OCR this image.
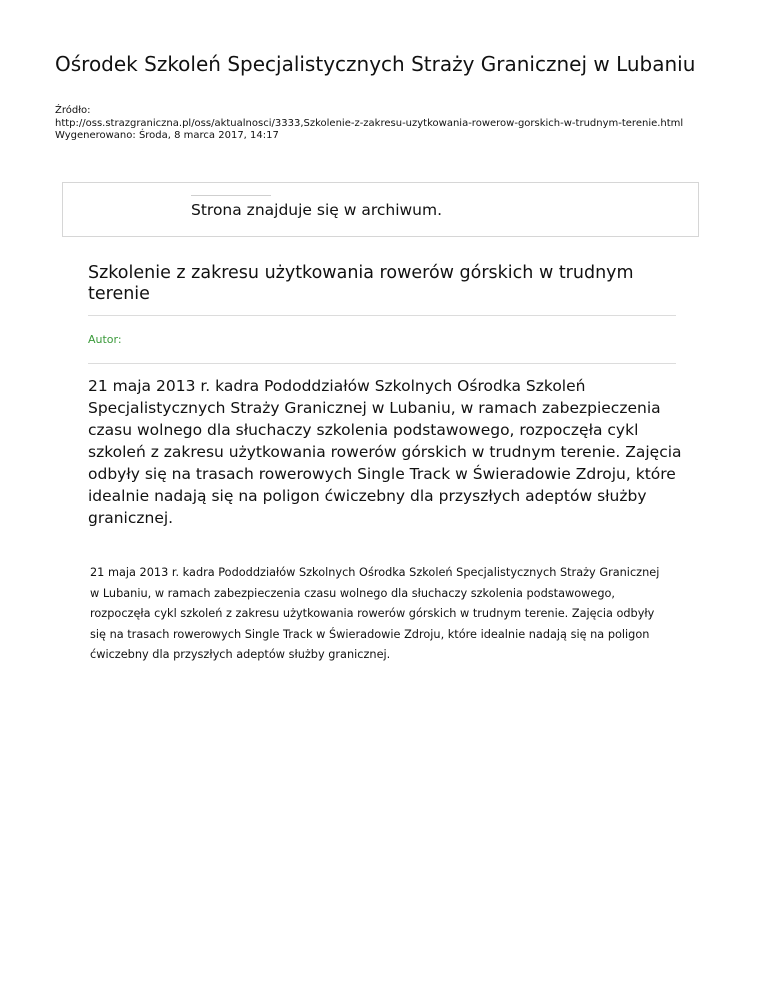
Ośrodek Szkoleń Specjalistycznych Straży Granicznej w Lubaniu
Źródło:
http://oss.strazgraniczna.pl/oss/aktualnosci/3333,Szkolenie-z-zakresu-uzytkowania-rowerow-gorskich-w-trudnym-terenie.html
Wygenerowano: Środa, 8 marca 2017, 14:17
Strona znajduje się w archiwum.
Szkolenie z zakresu użytkowania rowerów górskich w trudnym terenie
Autor:

21 maja 2013 r. kadra Pododdziałów Szkolnych Ośrodka Szkoleń Specjalistycznych Straży Granicznej w Lubaniu, w ramach zabezpieczenia czasu wolnego dla słuchaczy szkolenia podstawowego, rozpoczęła cykl szkoleń z zakresu użytkowania rowerów górskich w trudnym terenie. Zajęcia odbyły się na trasach rowerowych Single Track w Świeradowie Zdroju, które idealnie nadają się na poligon ćwiczebny dla przyszłych adeptów służby granicznej.

21 maja 2013 r. kadra Pododdziałów Szkolnych Ośrodka Szkoleń Specjalistycznych Straży Granicznej w Lubaniu, w ramach zabezpieczenia czasu wolnego dla słuchaczy szkolenia podstawowego, rozpoczęła cykl szkoleń z zakresu użytkowania rowerów górskich w trudnym terenie. Zajęcia odbyły się na trasach rowerowych Single Track w Świeradowie Zdroju, które idealnie nadają się na poligon ćwiczebny dla przyszłych adeptów służby granicznej.
